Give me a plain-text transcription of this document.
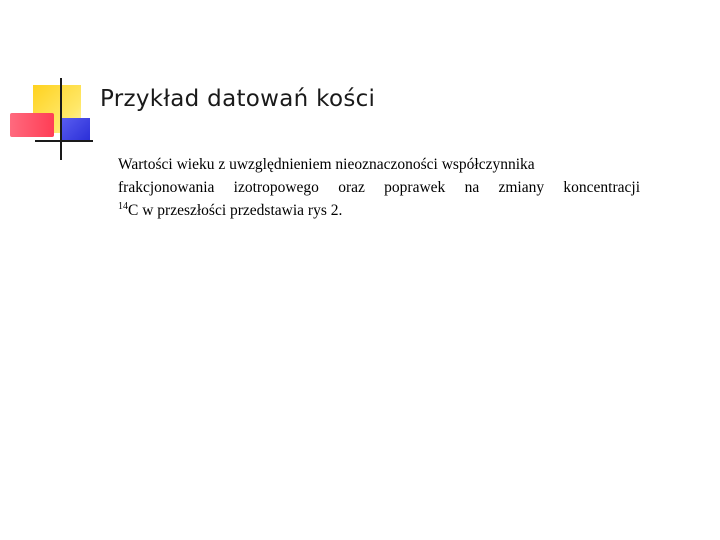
Przykład datowań kości
Wartości wieku z uwzględnieniem nieoznaczoności współczynnika
frakcjonowania izotropowego oraz poprawek na zmiany koncentracji
$^{14}$C w przeszłości przedstawia rys 2.
